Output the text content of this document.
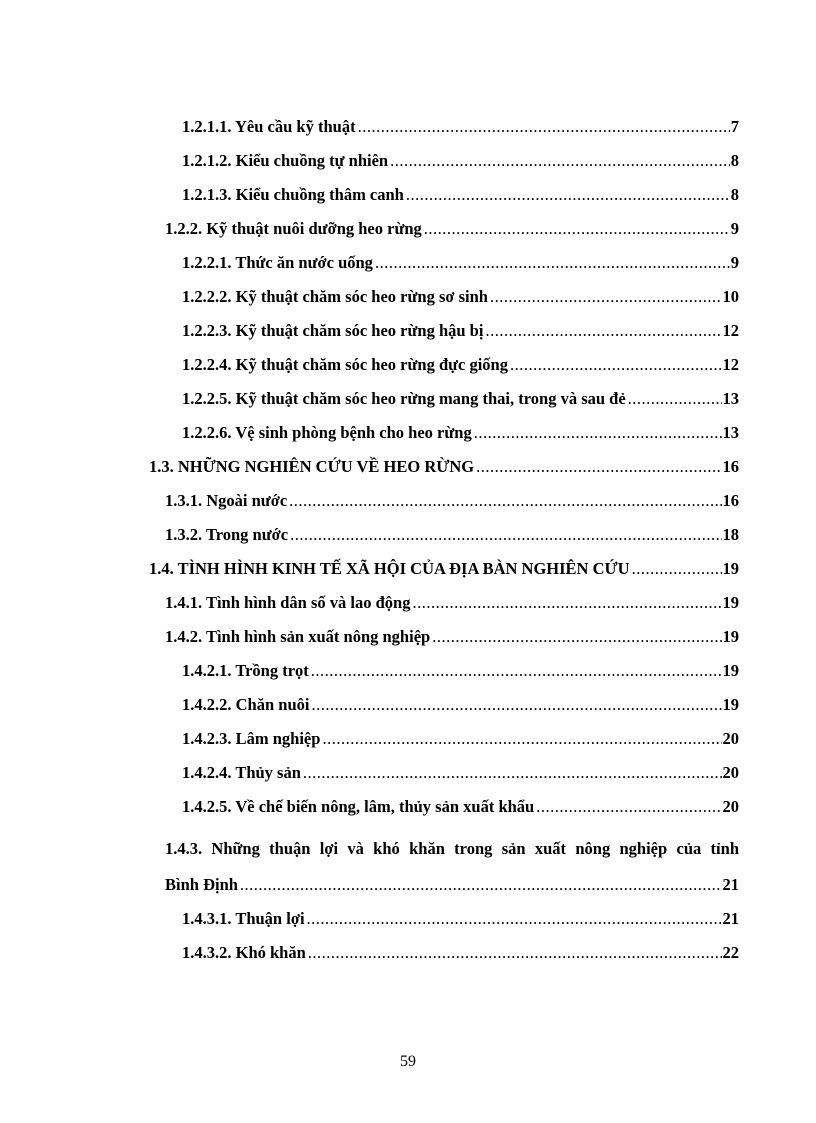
1.2.1.1. Yêu cầu kỹ thuật .....	7
1.2.1.2. Kiểu chuồng tự nhiên .....	8
1.2.1.3. Kiểu chuồng thâm canh .....	8
1.2.2. Kỹ thuật nuôi dưỡng heo rừng .....	9
1.2.2.1. Thức ăn nước uống .....	9
1.2.2.2. Kỹ thuật chăm sóc heo rừng sơ sinh .....	10
1.2.2.3. Kỹ thuật chăm sóc heo rừng hậu bị .....	12
1.2.2.4. Kỹ thuật chăm sóc heo rừng đực giống .....	12
1.2.2.5. Kỹ thuật chăm sóc heo rừng mang thai, trong và sau đẻ .....	13
1.2.2.6. Vệ sinh phòng bệnh cho heo rừng .....	13
1.3. NHỮNG NGHIÊN CỨU VỀ HEO RỪNG .....	16
1.3.1. Ngoài nước .....	16
1.3.2. Trong nước .....	18
1.4. TÌNH HÌNH KINH TẾ XÃ HỘI CỦA ĐỊA BÀN NGHIÊN CỨU .....	19
1.4.1. Tình hình dân số và lao động .....	19
1.4.2. Tình hình sản xuất nông nghiệp .....	19
1.4.2.1. Trồng trọt .....	19
1.4.2.2. Chăn nuôi .....	19
1.4.2.3. Lâm nghiệp .....	20
1.4.2.4. Thủy sản .....	20
1.4.2.5. Về chế biến nông, lâm, thủy sản xuất khẩu .....	20
1.4.3. Những thuận lợi và khó khăn trong sản xuất nông nghiệp của tỉnh
Bình Định .....	21
1.4.3.1. Thuận lợi .....	21
1.4.3.2. Khó khăn .....	22
59
